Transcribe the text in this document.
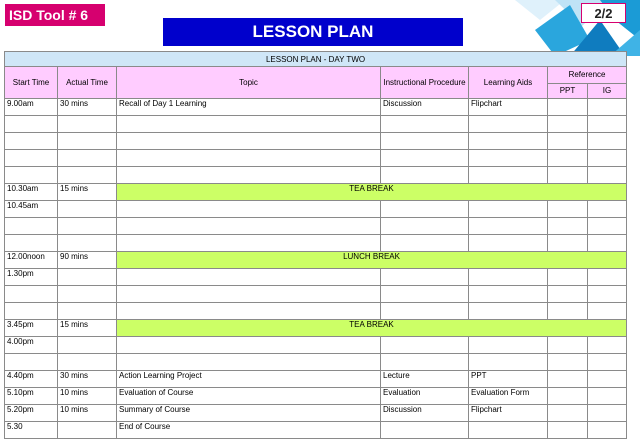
ISD Tool # 6
LESSON PLAN
2/2
LESSON PLAN - DAY TWO						
Start Time	Actual Time	Topic	Instructional Procedure	Learning Aids	Reference	
					PPT	IG
9.00am	30 mins	Recall of Day 1 Learning	Discussion	Flipchart		

10.30am	15 mins	TEA BREAK				
10.45am						

12.00noon	90 mins	LUNCH BREAK				
1.30pm						

3.45pm	15 mins	TEA BREAK				
4.00pm						

4.40pm	30 mins	Action Learning Project	Lecture	PPT		
5.10pm	10 mins	Evaluation of Course	Evaluation	Evaluation Form		
5.20pm	10 mins	Summary of Course	Discussion	Flipchart		
5.30		End of Course				
